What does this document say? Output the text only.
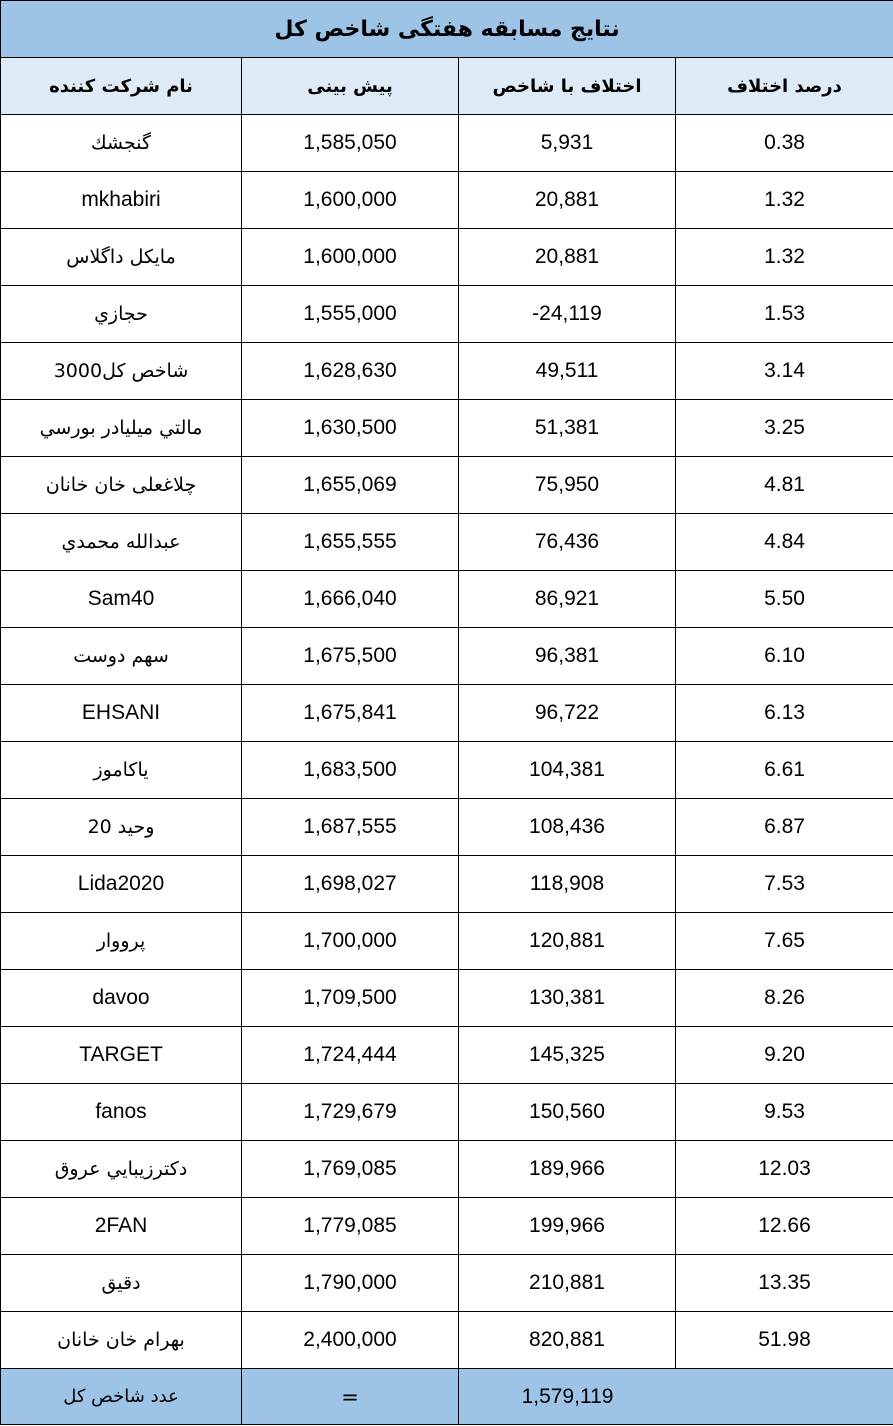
نتایج مسابقه هفتگی شاخص کل			
نام شرکت کننده	پیش بینی	اختلاف با شاخص	درصد اختلاف
گنجشك	1,585,050	5,931	0.38
mkhabiri	1,600,000	20,881	1.32
مایکل داگلاس	1,600,000	20,881	1.32
حجازي	1,555,000	-24,119	1.53
شاخص كل3000	1,628,630	49,511	3.14
مالتي ميليادر بورسي	1,630,500	51,381	3.25
چلاغعلی خان خانان	1,655,069	75,950	4.81
عبدالله محمدي	1,655,555	76,436	4.84
Sam40	1,666,040	86,921	5.50
سهم دوست	1,675,500	96,381	6.10
EHSANI	1,675,841	96,722	6.13
یاکاموز	1,683,500	104,381	6.61
وحيد 20	1,687,555	108,436	6.87
Lida2020	1,698,027	118,908	7.53
پرووار	1,700,000	120,881	7.65
davoo	1,709,500	130,381	8.26
TARGET	1,724,444	145,325	9.20
fanos	1,729,679	150,560	9.53
دكترزيبايي عروق	1,769,085	189,966	12.03
2FAN	1,779,085	199,966	12.66
دقیق	1,790,000	210,881	13.35
بهرام خان خانان	2,400,000	820,881	51.98
عدد شاخص کل	=	1,579,119	
